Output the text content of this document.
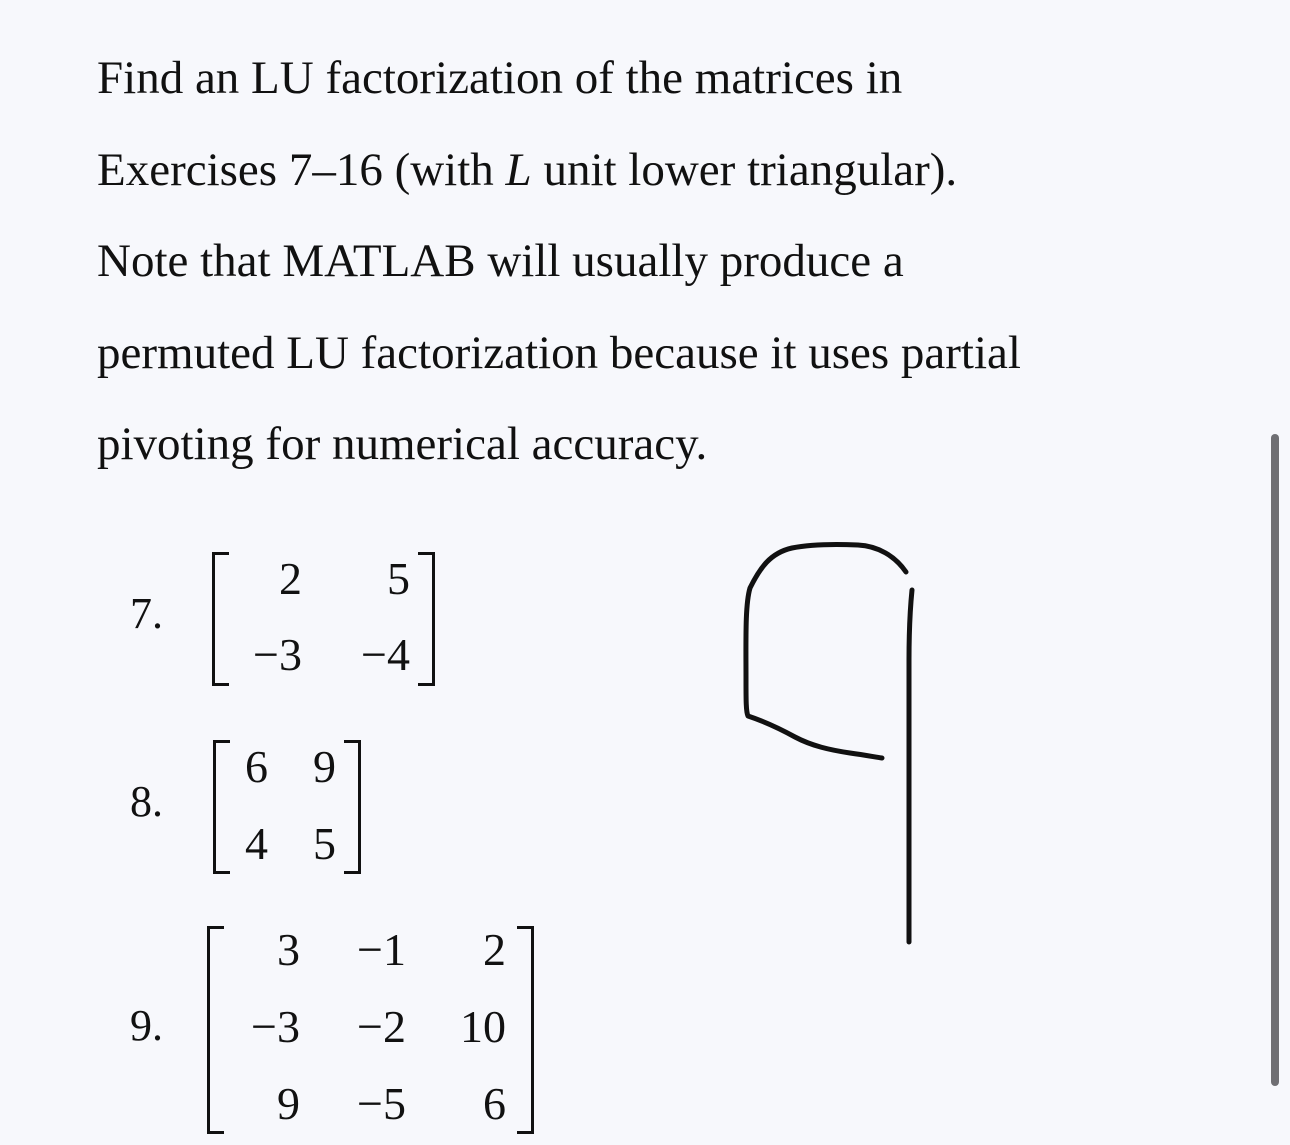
Find an LU factorization of the matrices in
Exercises 7–16 (with L unit lower triangular).
Note that MATLAB will usually produce a
permuted LU factorization because it uses partial
pivoting for numerical accuracy.

7.
2	5
−3	−4
8.
6 9
4 5
9.
3	−1	2
−3	−2	10
9	−5	6
